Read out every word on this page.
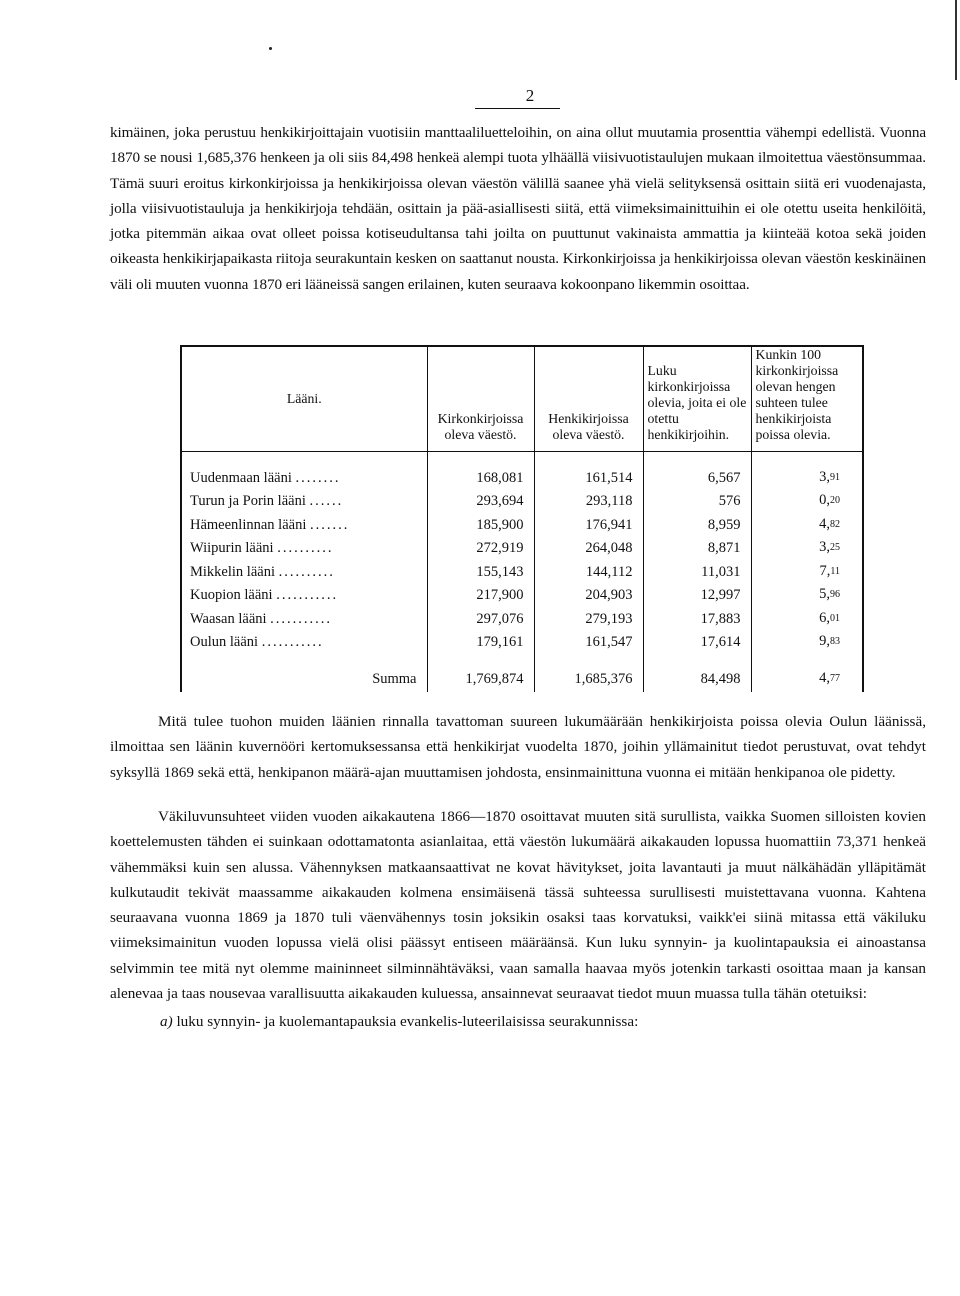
2

kimäinen, joka perustuu henkikirjoittajain vuotisiin manttaaliluetteloihin, on aina ollut muutamia prosenttia vähempi edellistä. Vuonna 1870 se nousi 1,685,376 henkeen ja oli siis 84,498 henkeä alempi tuota ylhäällä viisivuotistaulujen mukaan ilmoitettua väestönsummaa. Tämä suuri eroitus kirkonkirjoissa ja henkikirjoissa olevan väestön välillä saanee yhä vielä selityksensä osittain siitä eri vuodenajasta, jolla viisivuotistauluja ja henkikirjoja tehdään, osittain ja pää-asiallisesti siitä, että viimeksimainittuihin ei ole otettu useita henkilöitä, jotka pitemmän aikaa ovat olleet poissa kotiseudultansa tahi joilta on puuttunut vakinaista ammattia ja kiinteää kotoa sekä joiden oikeasta henkikirjapaikasta riitoja seurakuntain kesken on saattanut nousta. Kirkonkirjoissa ja henkikirjoissa olevan väestön keskinäinen väli oli muuten vuonna 1870 eri lääneissä sangen erilainen, kuten seuraava kokoonpano likemmin osoittaa.

Lääni.	Kirkonkirjoissa oleva väestö.	Henkikirjoissa oleva väestö.	Luku kirkonkirjoissa olevia, joita ei ole otettu henkikirjoihin.	Kunkin 100 kirkonkirjoissa olevan hengen suhteen tulee henkikirjoista poissa olevia.
Uudenmaan lääni ........	168,081	161,514	6,567	$3,_{91}$
Turun ja Porin lääni ......	293,694	293,118	576	$0,_{20}$
Hämeenlinnan lääni .......	185,900	176,941	8,959	$4,_{82}$
Wiipurin lääni ..........	272,919	264,048	8,871	$3,_{25}$
Mikkelin lääni ..........	155,143	144,112	11,031	$7,_{11}$
Kuopion lääni ...........	217,900	204,903	12,997	$5,_{96}$
Waasan lääni ...........	297,076	279,193	17,883	$6,_{01}$
Oulun lääni ...........	179,161	161,547	17,614	$9,_{83}$
Summa	1,769,874	1,685,376	84,498	$4,_{77}$

Mitä tulee tuohon muiden läänien rinnalla tavattoman suureen lukumäärään henkikirjoista poissa olevia Oulun läänissä, ilmoittaa sen läänin kuvernööri kertomuksessansa että henkikirjat vuodelta 1870, joihin yllämainitut tiedot perustuvat, ovat tehdyt syksyllä 1869 sekä että, henkipanon määrä-ajan muuttamisen johdosta, ensinmainittuna vuonna ei mitään henkipanoa ole pidetty.

Väkiluvunsuhteet viiden vuoden aikakautena 1866—1870 osoittavat muuten sitä surullista, vaikka Suomen silloisten kovien koettelemusten tähden ei suinkaan odottamatonta asianlaitaa, että väestön lukumäärä aikakauden lopussa huomattiin 73,371 henkeä vähemmäksi kuin sen alussa. Vähennyksen matkaansaattivat ne kovat hävitykset, joita lavantauti ja muut nälkähädän ylläpitämät kulkutaudit tekivät maassamme aikakauden kolmena ensimäisenä tässä suhteessa surullisesti muistettavana vuonna. Kahtena seuraavana vuonna 1869 ja 1870 tuli väenvähennys tosin joksikin osaksi taas korvatuksi, vaikk'ei siinä mitassa että väkiluku viimeksimainitun vuoden lopussa vielä olisi päässyt entiseen määräänsä. Kun luku synnyin- ja kuolintapauksia ei ainoastansa selvimmin tee mitä nyt olemme maininneet silminnähtäväksi, vaan samalla haavaa myös jotenkin tarkasti osoittaa maan ja kansan alenevaa ja taas nousevaa varallisuutta aikakauden kuluessa, ansainnevat seuraavat tiedot muun muassa tulla tähän otetuiksi:

a) luku synnyin- ja kuolemantapauksia evankelis-luteerilaisissa seurakunnissa:
